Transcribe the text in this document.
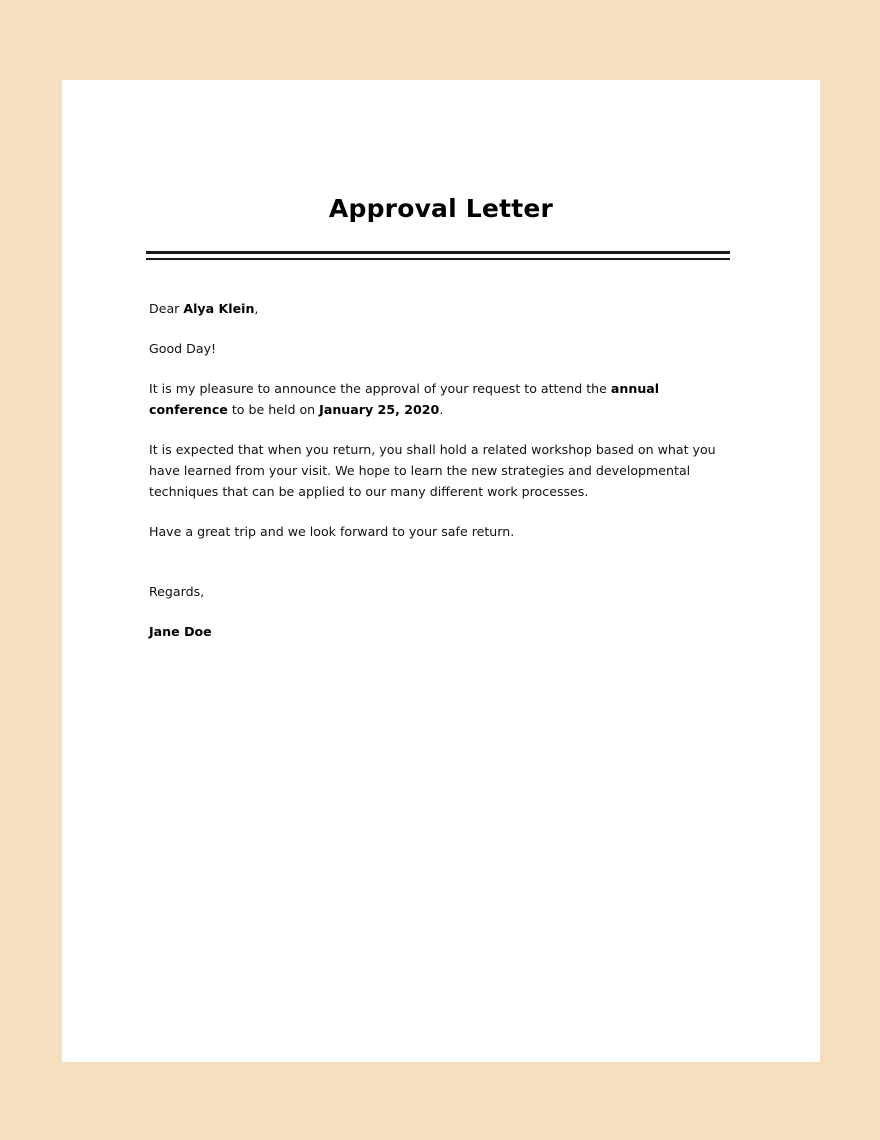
Approval Letter

Dear Alya Klein,

Good Day!

It is my pleasure to announce the approval of your request to attend the annual conference to be held on January 25, 2020.

It is expected that when you return, you shall hold a related workshop based on what you have learned from your visit. We hope to learn the new strategies and developmental techniques that can be applied to our many different work processes.

Have a great trip and we look forward to your safe return.

Regards,

Jane Doe
